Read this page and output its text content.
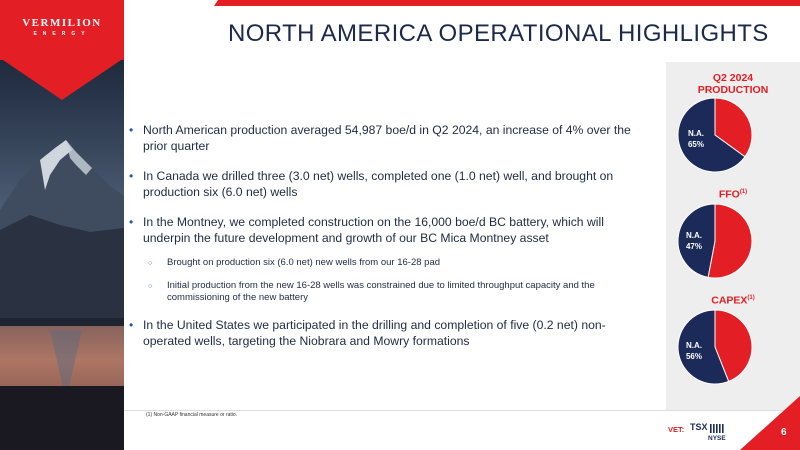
VERMILION
ENERGY	NORTH AMERICA OPERATIONAL HIGHLIGHTS
• North American production averaged 54,987 boe/d in Q2 2024, an increase of 4% over the prior quarter
• In Canada we drilled three (3.0 net) wells, completed one (1.0 net) well, and brought on production six (6.0 net) wells
• In the Montney, we completed construction on the 16,000 boe/d BC battery, which will underpin the future development and growth of our BC Mica Montney asset
○ Brought on production six (6.0 net) new wells from our 16-28 pad
○ Initial production from the new 16-28 wells was constrained due to limited throughput capacity and the commissioning of the new battery
• In the United States we participated in the drilling and completion of five (0.2 net) non-operated wells, targeting the Niobrara and Mowry formations
Q2 2024
PRODUCTION
N.A.
65%
FFO$^{(1)}$
N.A.
47%
CAPEX$^{(1)}$
N.A.
56%
(1) Non-GAAP financial measure or ratio.
VET: TSX
NYSE
6
